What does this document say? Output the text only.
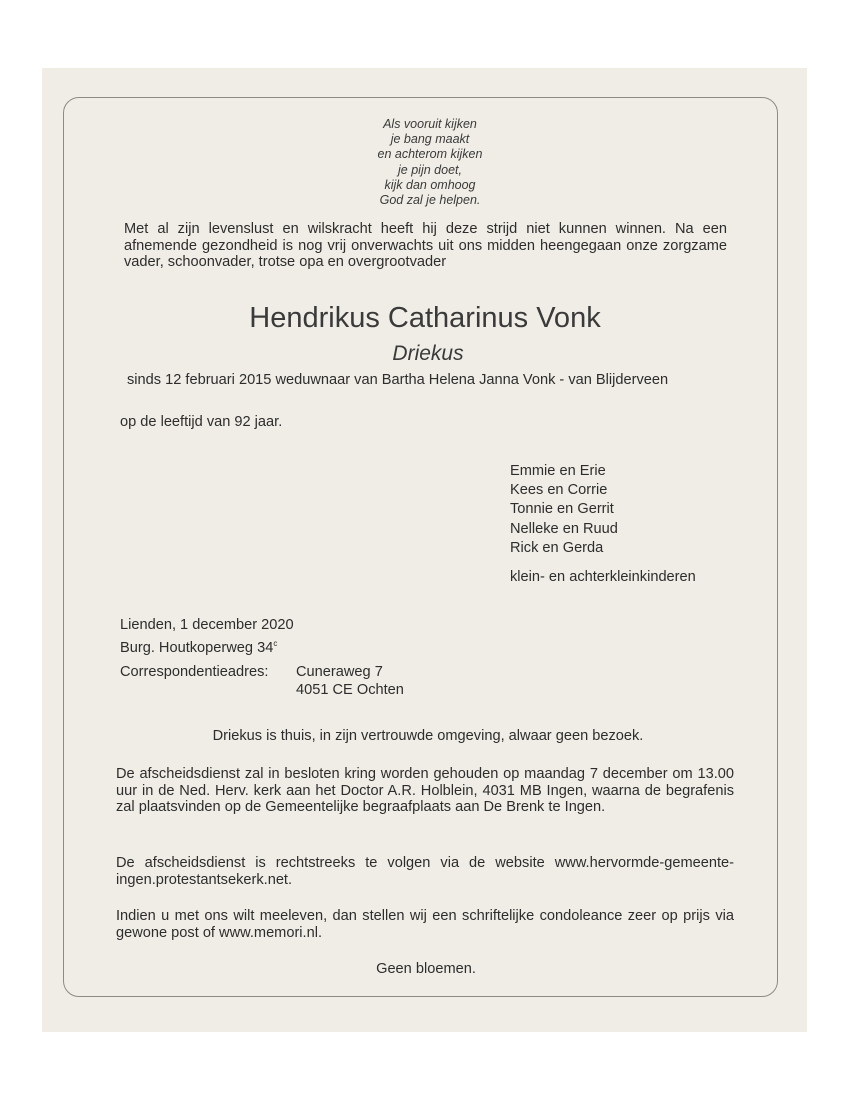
Als vooruit kijken
je bang maakt
en achterom kijken
je pijn doet,
kijk dan omhoog
God zal je helpen.
Met al zijn levenslust en wilskracht heeft hij deze strijd niet kunnen winnen. Na een afnemende gezondheid is nog vrij onverwachts uit ons midden heengegaan onze zorgzame vader, schoonvader, trotse opa en overgrootvader
Hendrikus Catharinus Vonk
Driekus
sinds 12 februari 2015 weduwnaar van Bartha Helena Janna Vonk - van Blijderveen
op de leeftijd van 92 jaar.
Emmie en Erie
Kees en Corrie
Tonnie en Gerrit
Nelleke en Ruud
Rick en Gerda
klein- en achterkleinkinderen
Lienden, 1 december 2020
Burg. Houtkoperweg 34$^c$
Correspondentieadres: Cuneraweg 7
4051 CE Ochten
Driekus is thuis, in zijn vertrouwde omgeving, alwaar geen bezoek.
De afscheidsdienst zal in besloten kring worden gehouden op maandag 7 december om 13.00 uur in de Ned. Herv. kerk aan het Doctor A.R. Holblein, 4031 MB Ingen, waarna de begrafenis zal plaatsvinden op de Gemeentelijke begraafplaats aan De Brenk te Ingen.
De afscheidsdienst is rechtstreeks te volgen via de website www.hervormde-gemeente-ingen.protestantsekerk.net.
Indien u met ons wilt meeleven, dan stellen wij een schriftelijke condoleance zeer op prijs via gewone post of www.memori.nl.
Geen bloemen.
